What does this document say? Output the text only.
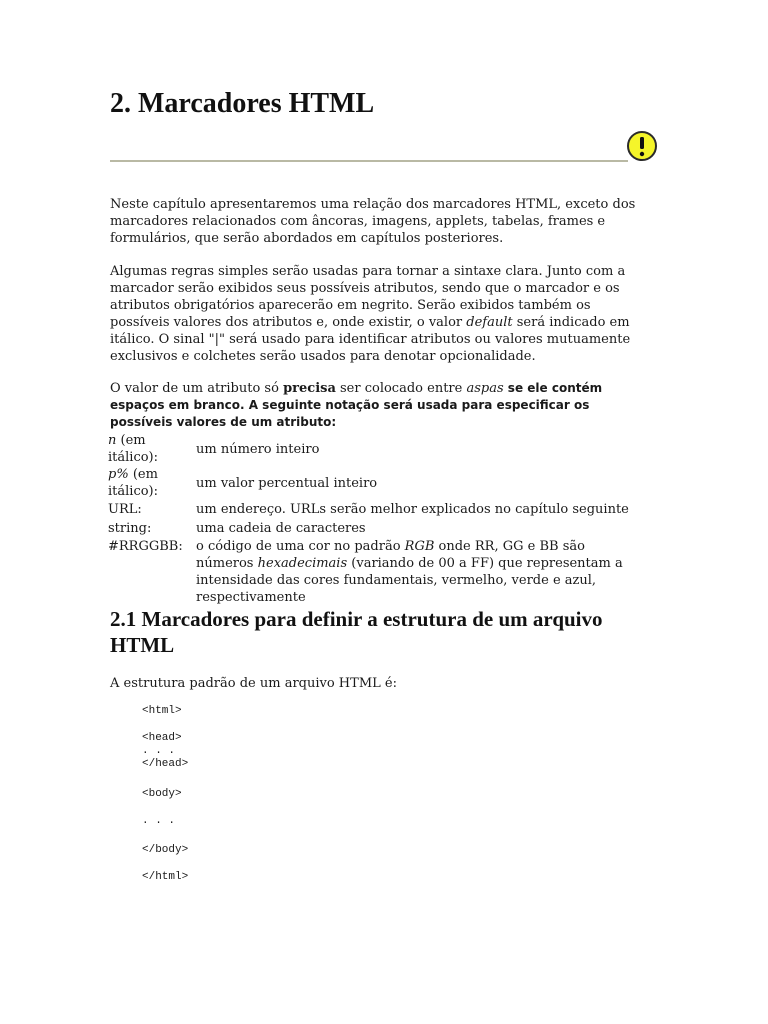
2. Marcadores HTML

Neste capítulo apresentaremos uma relação dos marcadores HTML, exceto dos marcadores relacionados com âncoras, imagens, applets, tabelas, frames e formulários, que serão abordados em capítulos posteriores.

Algumas regras simples serão usadas para tornar a sintaxe clara. Junto com a marcador serão exibidos seus possíveis atributos, sendo que o marcador e os atributos obrigatórios aparecerão em negrito. Serão exibidos também os possíveis valores dos atributos e, onde existir, o valor default será indicado em itálico. O sinal "|" será usado para identificar atributos ou valores mutuamente exclusivos e colchetes serão usados para denotar opcionalidade.

O valor de um atributo só precisa ser colocado entre aspas se ele contém espaços em branco. A seguinte notação será usada para especificar os possíveis valores de um atributo:

n (em itálico):	um número inteiro
p% (em itálico):	um valor percentual inteiro
URL:	um endereço. URLs serão melhor explicados no capítulo seguinte
string:	uma cadeia de caracteres
#RRGGBB:	o código de uma cor no padrão RGB onde RR, GG e BB são números hexadecimais (variando de 00 a FF) que representam a intensidade das cores fundamentais, vermelho, verde e azul, respectivamente
2.1 Marcadores para definir a estrutura de um arquivo HTML
A estrutura padrão de um arquivo HTML é:
<html>
<head>
. . .
</head>
<body>
. . .
</body>
</html>
